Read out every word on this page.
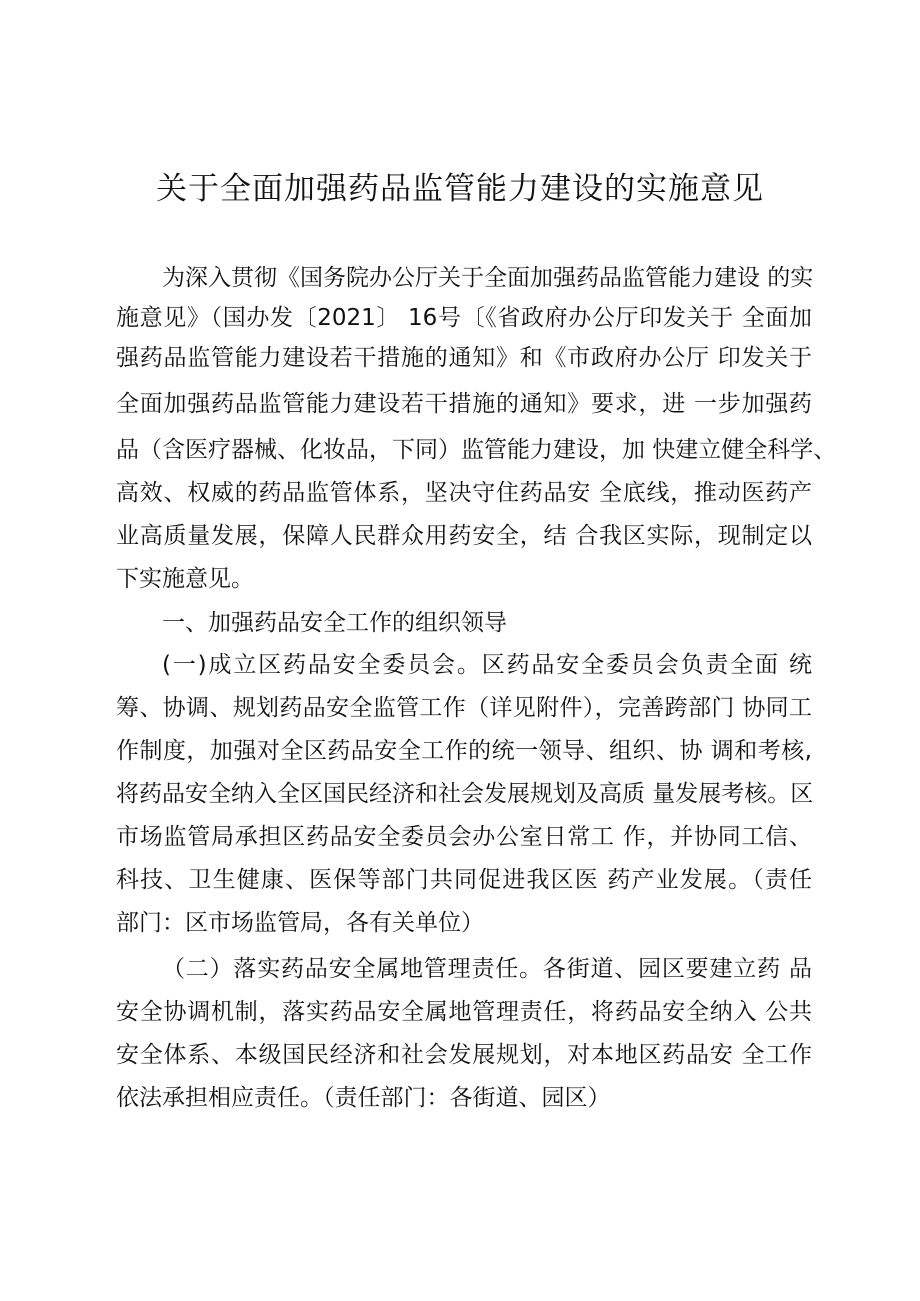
关于全面加强药品监管能力建设的实施意见
为深入贯彻《国务院办公厅关于全面加强药品监管能力建设 的实
施意见》（国办发〔2021〕 16号〔《省政府办公厅印发关于 全面加
强药品监管能力建设若干措施的通知》和《市政府办公厅 印发关于
全面加强药品监管能力建设若干措施的通知》要求，进 一步加强药
品（含医疗器械、化妆品，下同）监管能力建设，加 快建立健全科学、
高效、权威的药品监管体系，坚决守住药品安 全底线，推动医药产
业高质量发展，保障人民群众用药安全，结 合我区实际，现制定以
下实施意见。
一、加强药品安全工作的组织领导
(一)成立区药品安全委员会。区药品安全委员会负责全面 统
筹、协调、规划药品安全监管工作（详见附件），完善跨部门 协同工
作制度，加强对全区药品安全工作的统一领导、组织、协 调和考核,
将药品安全纳入全区国民经济和社会发展规划及高质 量发展考核。区
市场监管局承担区药品安全委员会办公室日常工 作，并协同工信、
科技、卫生健康、医保等部门共同促进我区医 药产业发展。（责任
部门：区市场监管局，各有关单位）
（二）落实药品安全属地管理责任。各街道、园区要建立药 品
安全协调机制，落实药品安全属地管理责任，将药品安全纳入 公共
安全体系、本级国民经济和社会发展规划，对本地区药品安 全工作
依法承担相应责任。（责任部门：各街道、园区）
